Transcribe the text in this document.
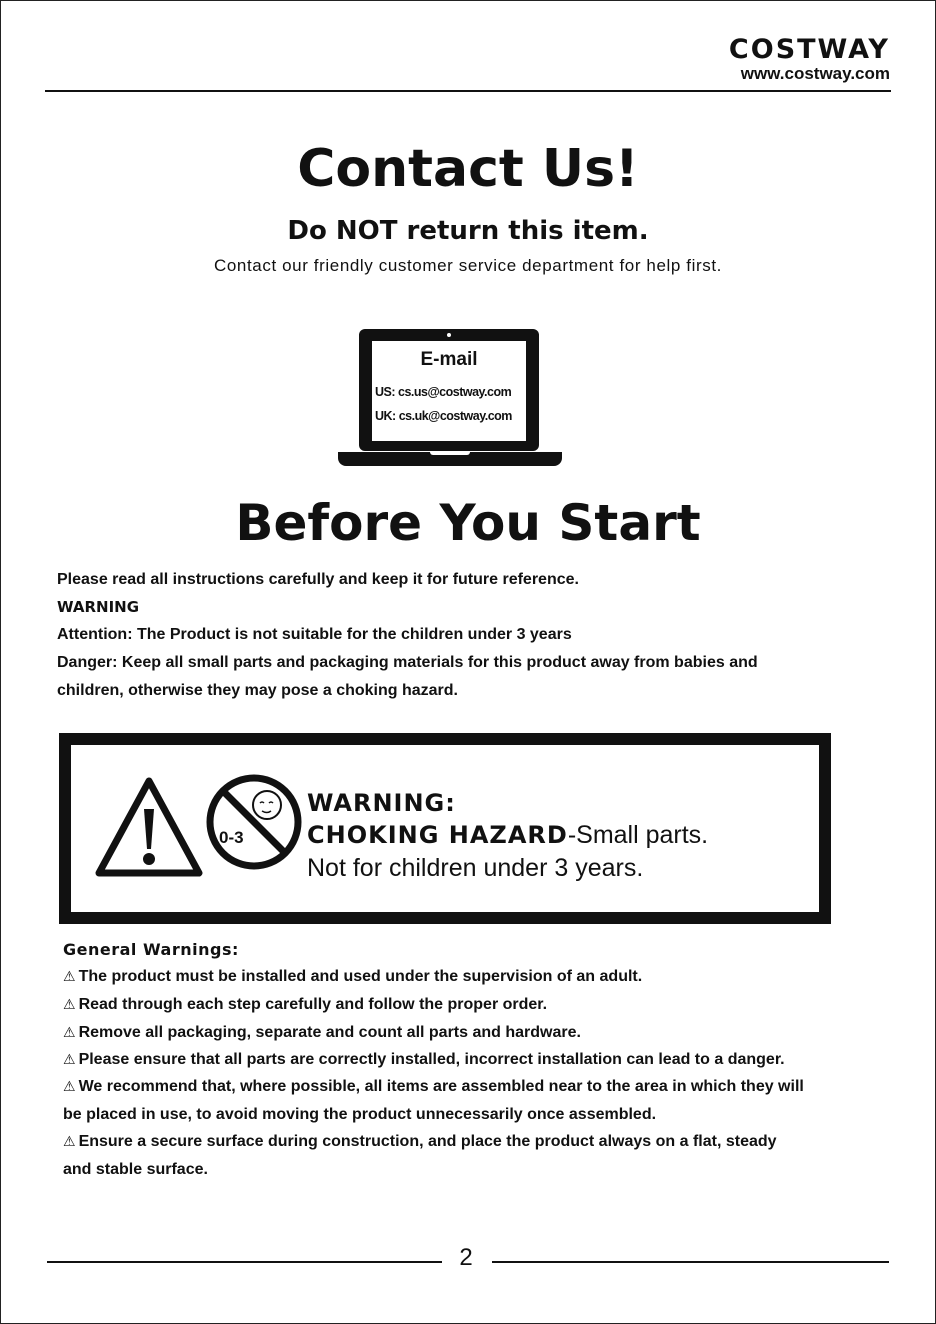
COSTWAY
www.costway.com
Contact Us!
Do NOT return this item.
Contact our friendly customer service department for help first.
E-mail
US: cs.us@costway.com
UK: cs.uk@costway.com
Before You Start
Please read all instructions carefully and keep it for future reference.
WARNING
Attention: The Product is not suitable for the children under 3 years
Danger: Keep all small parts and packaging materials for this product away from babies and
children, otherwise they may pose a choking hazard.
0-3
WARNING:
CHOKING HAZARD-Small parts.
Not for children under 3 years.
General Warnings:
⚠ The product must be installed and used under the supervision of an adult.
⚠ Read through each step carefully and follow the proper order.
⚠ Remove all packaging, separate and count all parts and hardware.
⚠ Please ensure that all parts are correctly installed, incorrect installation can lead to a danger.
⚠ We recommend that, where possible, all items are assembled near to the area in which they will
be placed in use, to avoid moving the product unnecessarily once assembled.
⚠ Ensure a secure surface during construction, and place the product always on a flat, steady
and stable surface.
2
